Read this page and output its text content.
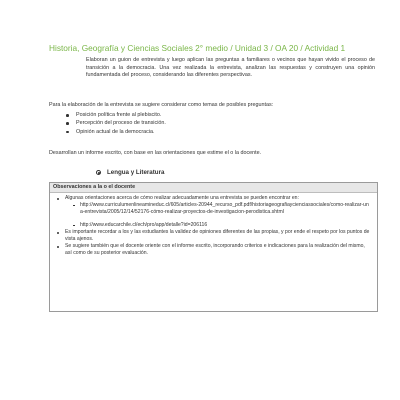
Historia, Geografía y Ciencias Sociales 2° medio / Unidad 3 / OA 20 / Actividad 1
Elaboran un guion de entrevista y luego aplican las preguntas a familiares o vecinos que hayan vivido el proceso de transición a la democracia. Una vez realizada la entrevista, analizan las respuestas y construyen una opinión fundamentada del proceso, considerando las diferentes perspectivas.
Para la elaboración de la entrevista se sugiere considerar como temas de posibles preguntas:
Posición política frente al plebiscito.
Percepción del proceso de transición.
Opinión actual de la democracia.
Desarrollan un informe escrito, con base en las orientaciones que estime el o la docente.
Lengua y Literatura
Observaciones a la o el docente
Algunas orientaciones acerca de cómo realizar adecuadamente una entrevista se pueden encontrar en:
http://www.curriculumenlineamineduc.cl/605/articles-20944_recurso_pdf.pdf/historiageografiaycienciassociales/como-realizar-una-entrevista/2005/12/14/52176-cómo-realizar-proyectos-de-investigacion-perodistica.shtml
http://www.educarchile.cl/ech/pro/app/detalle?id=206116
Es importante recordar a los y las estudiantes la validez de opiniones diferentes de las propias, y por ende el respeto por los puntos de vista ajenos.
Se sugiere también que el docente oriente con el informe escrito, incorporando criterios e indicaciones para la realización del mismo, así como de su posterior evaluación.
